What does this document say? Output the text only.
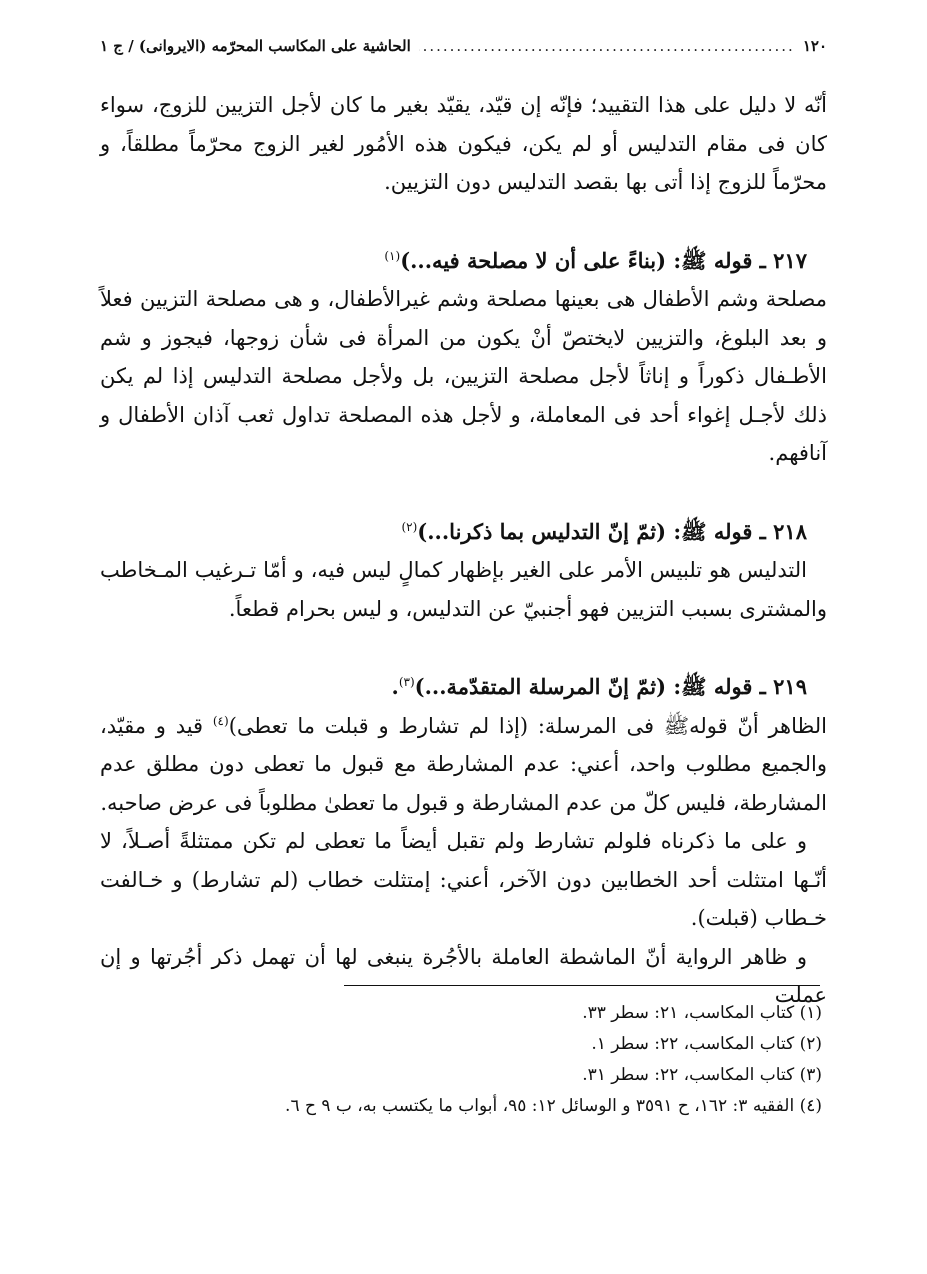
١٢٠
.....
الحاشية على المكاسب المحرّمه (الايروانى) / ج ١

أنّه لا دليل على هذا التقييد؛ فإنّه إن قيّد، يقيّد بغير ما كان لأجل التزيين للزوج، سواء كان فى مقام التدليس أو لم يكن، فيكون هذه الأمُور لغير الزوج محرّماً مطلقاً، و محرّماً للزوج إذا أتى بها بقصد التدليس دون التزيين.

٢١٧ ـ قوله ﷺ: (بناءً على أن لا مصلحة فيه...)$^{(١)}$

مصلحة وشم الأطفال هى بعينها مصلحة وشم غيرالأطفال، و هى مصلحة التزيين فعلاً و بعد البلوغ، والتزيين لايختصّ أنْ يكون من المرأة فى شأن زوجها، فيجوز و شم الأطـفال ذكوراً و إناثاً لأجل مصلحة التزيين، بل ولأجل مصلحة التدليس إذا لم يكن ذلك لأجـل إغواء أحد فى المعاملة، و لأجل هذه المصلحة تداول ثعب آذان الأطفال و آنافهم.

٢١٨ ـ قوله ﷺ: (ثمّ إنّ التدليس بما ذكرنا...)$^{(٢)}$

التدليس هو تلبيس الأمر على الغير بإظهار كمالٍ ليس فيه، و أمّا تـرغيب المـخاطب والمشترى بسبب التزيين فهو أجنبيّ عن التدليس، و ليس بحرام قطعاً.

٢١٩ ـ قوله ﷺ: (ثمّ إنّ المرسلة المتقدّمة...)$^{(٣)}$.

الظاهر أنّ قولهﷺ فى المرسلة: (إذا لم تشارط و قبلت ما تعطى)$^{(٤)}$ قيد و مقيّد، والجميع مطلوب واحد، أعني: عدم المشارطة مع قبول ما تعطى دون مطلق عدم المشارطة، فليس كلّ من عدم المشارطة و قبول ما تعطىٰ مطلوباً فى عرض صاحبه.

و على ما ذكرناه فلولم تشارط ولم تقبل أيضاً ما تعطى لم تكن ممتثلةً أصـلاً، لا أنّـها امتثلت أحد الخطابين دون الآخر، أعني: إمتثلت خطاب (لم تشارط) و خـالفت خـطاب (قبلت).

و ظاهر الرواية أنّ الماشطة العاملة بالأجُرة ينبغى لها أن تهمل ذكر أجُرتها و إن عملت

(١) كتاب المكاسب، ٢١: سطر ٣٣.

(٢) كتاب المكاسب، ٢٢: سطر ١.

(٣) كتاب المكاسب، ٢٢: سطر ٣١.

(٤) الفقيه ٣: ١٦٢، ح ٣٥٩١ و الوسائل ١٢: ٩٥، أبواب ما يكتسب به، ب ٩ ح ٦.
